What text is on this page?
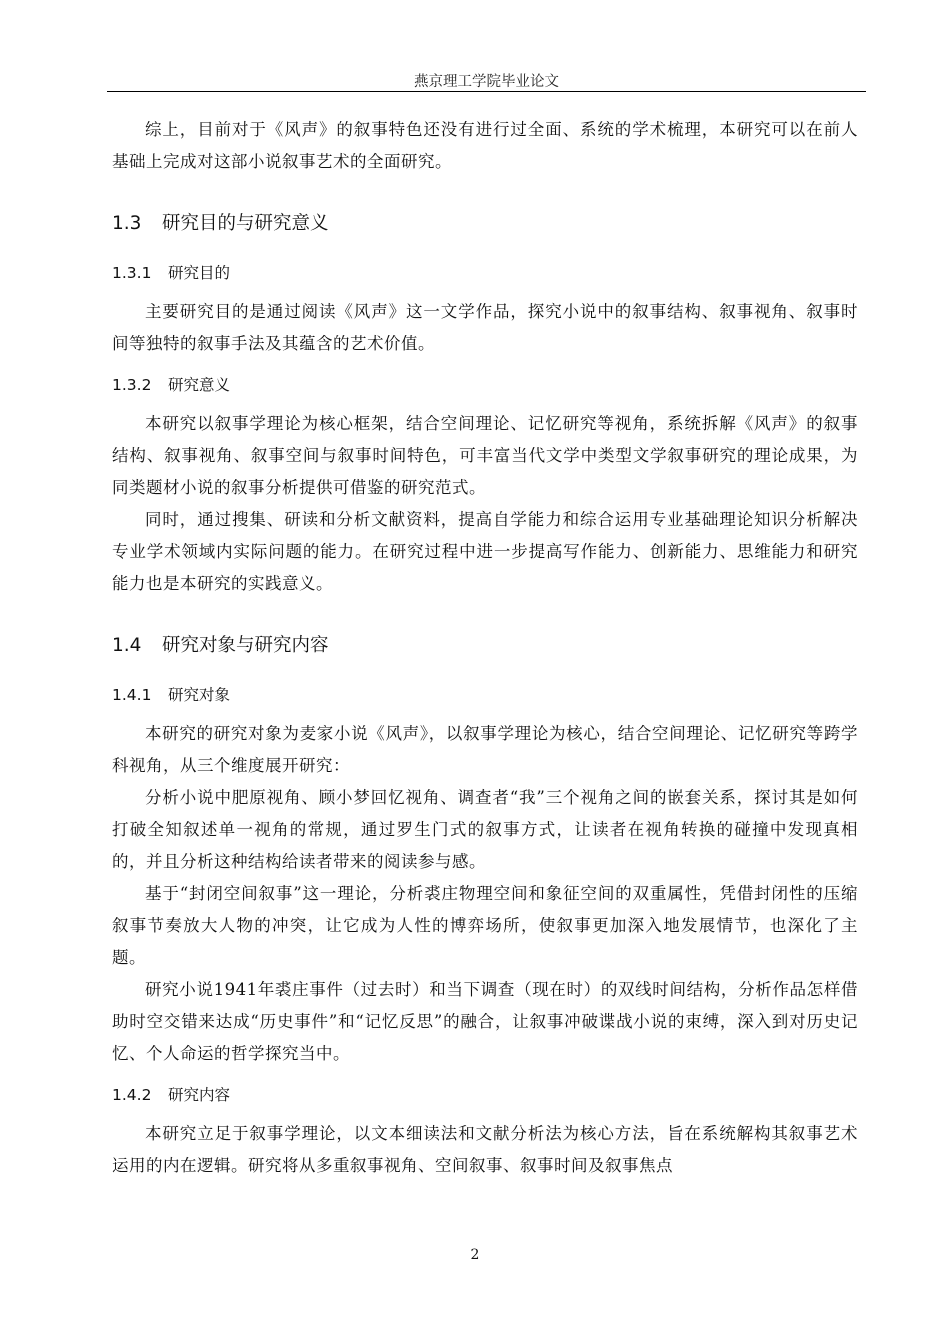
燕京理工学院毕业论文

综上，目前对于《风声》的叙事特色还没有进行过全面、系统的学术梳理，本研究可以在前人基础上完成对这部小说叙事艺术的全面研究。

1.3 研究目的与研究意义
1.3.1 研究目的

主要研究目的是通过阅读《风声》这一文学作品，探究小说中的叙事结构、叙事视角、叙事时间等独特的叙事手法及其蕴含的艺术价值。

1.3.2 研究意义

本研究以叙事学理论为核心框架，结合空间理论、记忆研究等视角，系统拆解《风声》的叙事结构、叙事视角、叙事空间与叙事时间特色，可丰富当代文学中类型文学叙事研究的理论成果，为同类题材小说的叙事分析提供可借鉴的研究范式。

同时，通过搜集、研读和分析文献资料，提高自学能力和综合运用专业基础理论知识分析解决专业学术领域内实际问题的能力。在研究过程中进一步提高写作能力、创新能力、思维能力和研究能力也是本研究的实践意义。

1.4 研究对象与研究内容
1.4.1 研究对象

本研究的研究对象为麦家小说《风声》，以叙事学理论为核心，结合空间理论、记忆研究等跨学科视角，从三个维度展开研究：

分析小说中肥原视角、顾小梦回忆视角、调查者“我”三个视角之间的嵌套关系，探讨其是如何打破全知叙述单一视角的常规，通过罗生门式的叙事方式，让读者在视角转换的碰撞中发现真相的，并且分析这种结构给读者带来的阅读参与感。

基于“封闭空间叙事”这一理论，分析裘庄物理空间和象征空间的双重属性，凭借封闭性的压缩叙事节奏放大人物的冲突，让它成为人性的博弈场所，使叙事更加深入地发展情节，也深化了主题。

研究小说1941年裘庄事件（过去时）和当下调查（现在时）的双线时间结构，分析作品怎样借助时空交错来达成“历史事件”和“记忆反思”的融合，让叙事冲破谍战小说的束缚，深入到对历史记忆、个人命运的哲学探究当中。

1.4.2 研究内容

本研究立足于叙事学理论，以文本细读法和文献分析法为核心方法，旨在系统解构其叙事艺术运用的内在逻辑。研究将从多重叙事视角、空间叙事、叙事时间及叙事焦点

2
